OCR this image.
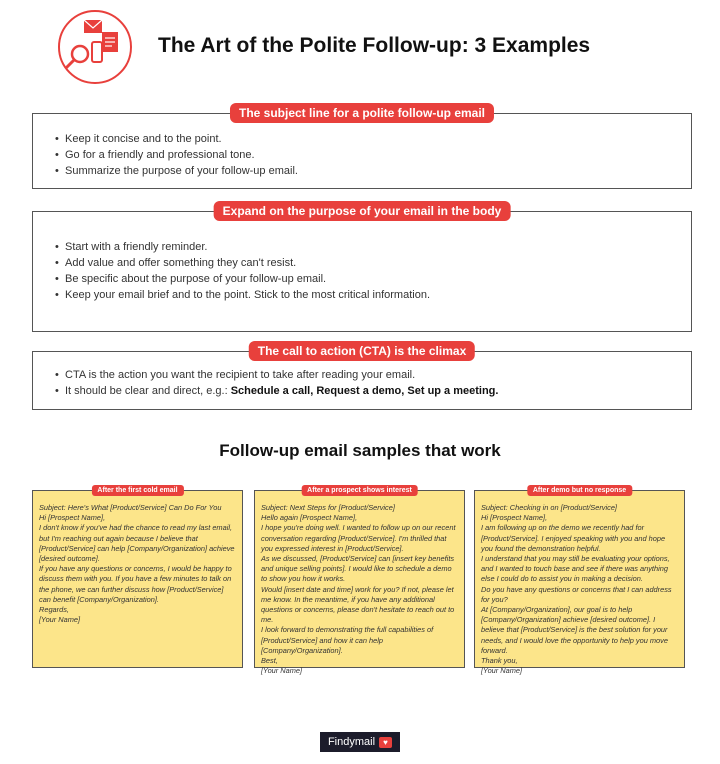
The Art of the Polite Follow-up: 3 Examples
The subject line for a polite follow-up email
• Keep it concise and to the point.
• Go for a friendly and professional tone.
• Summarize the purpose of your follow-up email.
Expand on the purpose of your email in the body
• Start with a friendly reminder.
• Add value and offer something they can't resist.
• Be specific about the purpose of your follow-up email.
• Keep your email brief and to the point. Stick to the most critical information.
The call to action (CTA) is the climax
• CTA is the action you want the recipient to take after reading your email.
• It should be clear and direct, e.g.: Schedule a call, Request a demo, Set up a meeting.
Follow-up email samples that work
After the first cold email

Subject: Here's What [Product/Service] Can Do For You

Hi [Prospect Name],

I don't know if you've had the chance to read my last email, but I'm reaching out again because I believe that [Product/Service] can help [Company/Organization] achieve [desired outcome].

If you have any questions or concerns, I would be happy to discuss them with you. If you have a few minutes to talk on the phone, we can further discuss how [Product/Service] can benefit [Company/Organization].

Regards,

[Your Name]

After a prospect shows interest

Subject: Next Steps for [Product/Service]

Hello again [Prospect Name],

I hope you're doing well. I wanted to follow up on our recent conversation regarding [Product/Service]. I'm thrilled that you expressed interest in [Product/Service].

As we discussed, [Product/Service] can [insert key benefits and unique selling points]. I would like to schedule a demo to show you how it works.

Would [insert date and time] work for you? If not, please let me know. In the meantime, if you have any additional questions or concerns, please don't hesitate to reach out to me.

I look forward to demonstrating the full capabilities of [Product/Service] and how it can help [Company/Organization].

Best,

[Your Name]

After demo but no response

Subject: Checking in on [Product/Service]

Hi [Prospect Name],

I am following up on the demo we recently had for [Product/Service]. I enjoyed speaking with you and hope you found the demonstration helpful.

I understand that you may still be evaluating your options, and I wanted to touch base and see if there was anything else I could do to assist you in making a decision.

Do you have any questions or concerns that I can address for you?

At [Company/Organization], our goal is to help [Company/Organization] achieve [desired outcome]. I believe that [Product/Service] is the best solution for your needs, and I would love the opportunity to help you move forward.

Thank you,

[Your Name]

Findymail	♥
